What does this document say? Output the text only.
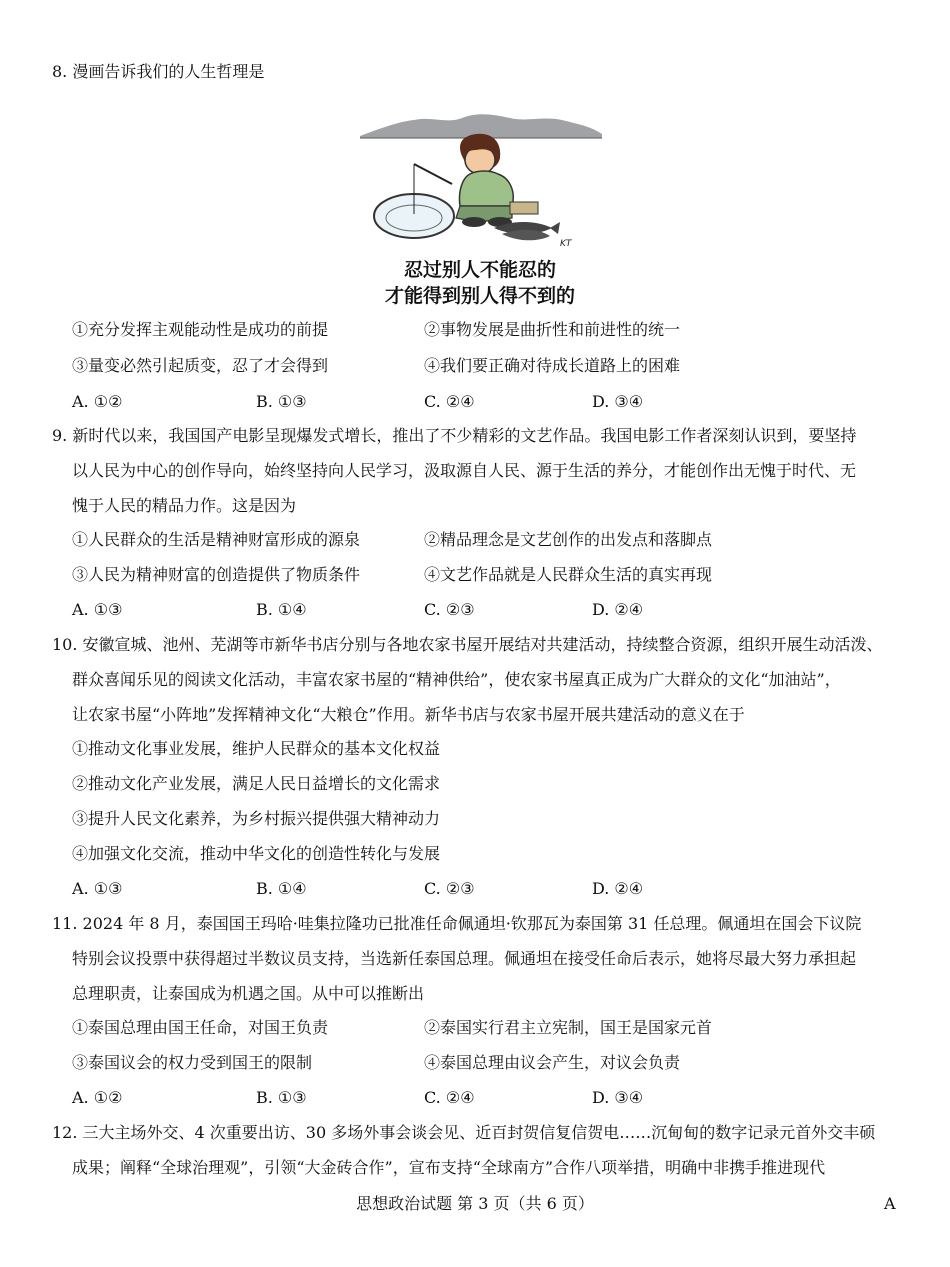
8. 漫画告诉我们的人生哲理是
KT
忍过别人不能忍的
才能得到别人得不到的
①充分发挥主观能动性是成功的前提	②事物发展是曲折性和前进性的统一
③量变必然引起质变，忍了才会得到	④我们要正确对待成长道路上的困难
A. ①②	B. ①③	C. ②④	D. ③④
9. 新时代以来，我国国产电影呈现爆发式增长，推出了不少精彩的文艺作品。我国电影工作者深刻认识到，要坚持
以人民为中心的创作导向，始终坚持向人民学习，汲取源自人民、源于生活的养分，才能创作出无愧于时代、无
愧于人民的精品力作。这是因为
①人民群众的生活是精神财富形成的源泉	②精品理念是文艺创作的出发点和落脚点
③人民为精神财富的创造提供了物质条件	④文艺作品就是人民群众生活的真实再现
A. ①③	B. ①④	C. ②③	D. ②④
10. 安徽宣城、池州、芜湖等市新华书店分别与各地农家书屋开展结对共建活动，持续整合资源，组织开展生动活泼、
群众喜闻乐见的阅读文化活动，丰富农家书屋的“精神供给”，使农家书屋真正成为广大群众的文化“加油站”，
让农家书屋“小阵地”发挥精神文化“大粮仓”作用。新华书店与农家书屋开展共建活动的意义在于
①推动文化事业发展，维护人民群众的基本文化权益
②推动文化产业发展，满足人民日益增长的文化需求
③提升人民文化素养，为乡村振兴提供强大精神动力
④加强文化交流，推动中华文化的创造性转化与发展
A. ①③	B. ①④	C. ②③	D. ②④
11. 2024 年 8 月，泰国国王玛哈·哇集拉隆功已批准任命佩通坦·钦那瓦为泰国第 31 任总理。佩通坦在国会下议院
特别会议投票中获得超过半数议员支持，当选新任泰国总理。佩通坦在接受任命后表示，她将尽最大努力承担起
总理职责，让泰国成为机遇之国。从中可以推断出
①泰国总理由国王任命，对国王负责	②泰国实行君主立宪制，国王是国家元首
③泰国议会的权力受到国王的限制	④泰国总理由议会产生，对议会负责
A. ①②	B. ①③	C. ②④	D. ③④
12. 三大主场外交、4 次重要出访、30 多场外事会谈会见、近百封贺信复信贺电……沉甸甸的数字记录元首外交丰硕
成果；阐释“全球治理观”，引领“大金砖合作”，宣布支持“全球南方”合作八项举措，明确中非携手推进现代
思想政治试题 第 3 页（共 6 页）	A
